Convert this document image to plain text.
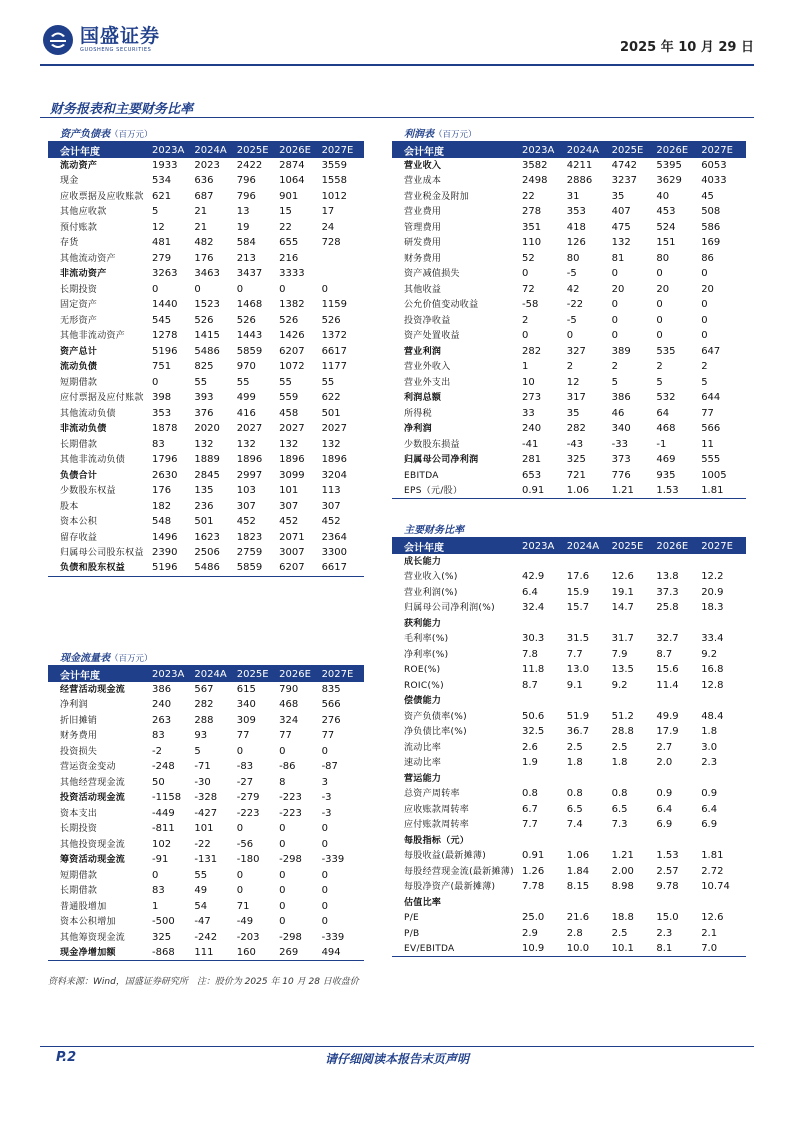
国盛证券
GUOSHENG SECURITIES	2025 年 10 月 29 日
财务报表和主要财务比率
资产负债表（百万元）
会计年度	2023A	2024A	2025E	2026E	2027E
流动资产	1933	2023	2422	2874	3559
现金	534	636	796	1064	1558
应收票据及应收账款 621	687	796	901	1012
其他应收款	5	21	13	15	17
预付账款	12	21	19	22	24
存货	481	482	584	655	728
其他流动资产	279	176	213	216
非流动资产	3263	3463	3437	3333
长期投资	0	0	0	0	0
固定资产	1440	1523	1468	1382	1159
无形资产	545	526	526	526	526
其他非流动资产	1278	1415	1443	1426	1372
资产总计	5196	5486	5859	6207	6617
流动负债	751	825	970	1072	1177
短期借款	0	55	55	55	55
应付票据及应付账款 398	393	499	559	622
其他流动负债	353	376	416	458	501
非流动负债	1878	2020	2027	2027	2027
长期借款	83	132	132	132	132
其他非流动负债	1796	1889	1896	1896	1896
负债合计	2630	2845	2997	3099	3204
少数股东权益	176	135	103	101	113
股本	182	236	307	307	307
资本公积	548	501	452	452	452
留存收益	1496	1623	1823	2071	2364
归属母公司股东权益 2390	2506	2759	3007	3300
负债和股东权益	5196	5486	5859	6207	6617
利润表（百万元）
会计年度	2023A	2024A	2025E	2026E	2027E
营业收入	3582	4211	4742	5395	6053
营业成本	2498	2886	3237	3629	4033
营业税金及附加	22	31	35	40	45
营业费用	278	353	407	453	508
管理费用	351	418	475	524	586
研发费用	110	126	132	151	169
财务费用	52	80	81	80	86
资产减值损失	0	-5	0	0	0
其他收益	72	42	20	20	20
公允价值变动收益	-58	-22	0	0	0
投资净收益	2	-5	0	0	0
资产处置收益	0	0	0	0	0
营业利润	282	327	389	535	647
营业外收入	1	2	2	2	2
营业外支出	10	12	5	5	5
利润总额	273	317	386	532	644
所得税	33	35	46	64	77
净利润	240	282	340	468	566
少数股东损益	-41	-43	-33	-1	11
归属母公司净利润	281	325	373	469	555
EBITDA	653	721	776	935	1005
EPS（元/股）	0.91	1.06	1.21	1.53	1.81
主要财务比率
会计年度	2023A	2024A	2025E	2026E	2027E
成长能力
营业收入(%)	42.9	17.6	12.6	13.8	12.2
营业利润(%)	6.4	15.9	19.1	37.3	20.9
归属母公司净利润(%)	32.4	15.7	14.7	25.8	18.3
获利能力
毛利率(%)	30.3	31.5	31.7	32.7	33.4
净利率(%)	7.8	7.7	7.9	8.7	9.2
ROE(%)	11.8	13.0	13.5	15.6	16.8
ROIC(%)	8.7	9.1	9.2	11.4	12.8
偿债能力
资产负债率(%)	50.6	51.9	51.2	49.9	48.4
净负债比率(%)	32.5	36.7	28.8	17.9	1.8
流动比率	2.6	2.5	2.5	2.7	3.0
速动比率	1.9	1.8	1.8	2.0	2.3
营运能力
总资产周转率	0.8	0.8	0.8	0.9	0.9
应收账款周转率	6.7	6.5	6.5	6.4	6.4
应付账款周转率	7.7	7.4	7.3	6.9	6.9
每股指标（元）
每股收益(最新摊薄)	0.91	1.06	1.21	1.53	1.81
每股经营现金流(最新摊薄) 1.26	1.84	2.00	2.57	2.72
每股净资产(最新摊薄)	7.78	8.15	8.98	9.78	10.74
估值比率
P/E	25.0	21.6	18.8	15.0	12.6
P/B	2.9	2.8	2.5	2.3	2.1
EV/EBITDA	10.9	10.0	10.1	8.1	7.0
现金流量表（百万元）
会计年度	2023A	2024A	2025E	2026E	2027E
经营活动现金流	386	567	615	790	835
净利润	240	282	340	468	566
折旧摊销	263	288	309	324	276
财务费用	83	93	77	77	77
投资损失	-2	5	0	0	0
营运资金变动	-248	-71	-83	-86	-87
其他经营现金流	50	-30	-27	8	3
投资活动现金流	-1158	-328	-279	-223	-3
资本支出	-449	-427	-223	-223	-3
长期投资	-811	101	0	0	0
其他投资现金流	102	-22	-56	0	0
筹资活动现金流	-91	-131	-180	-298	-339
短期借款	0	55	0	0	0
长期借款	83	49	0	0	0
普通股增加	1	54	71	0	0
资本公积增加	-500	-47	-49	0	0
其他筹资现金流	325	-242	-203	-298	-339
现金净增加额	-868	111	160	269	494
资料来源：Wind，国盛证券研究所　注：股价为 2025 年 10 月 28 日收盘价
P.2	请仔细阅读本报告末页声明
